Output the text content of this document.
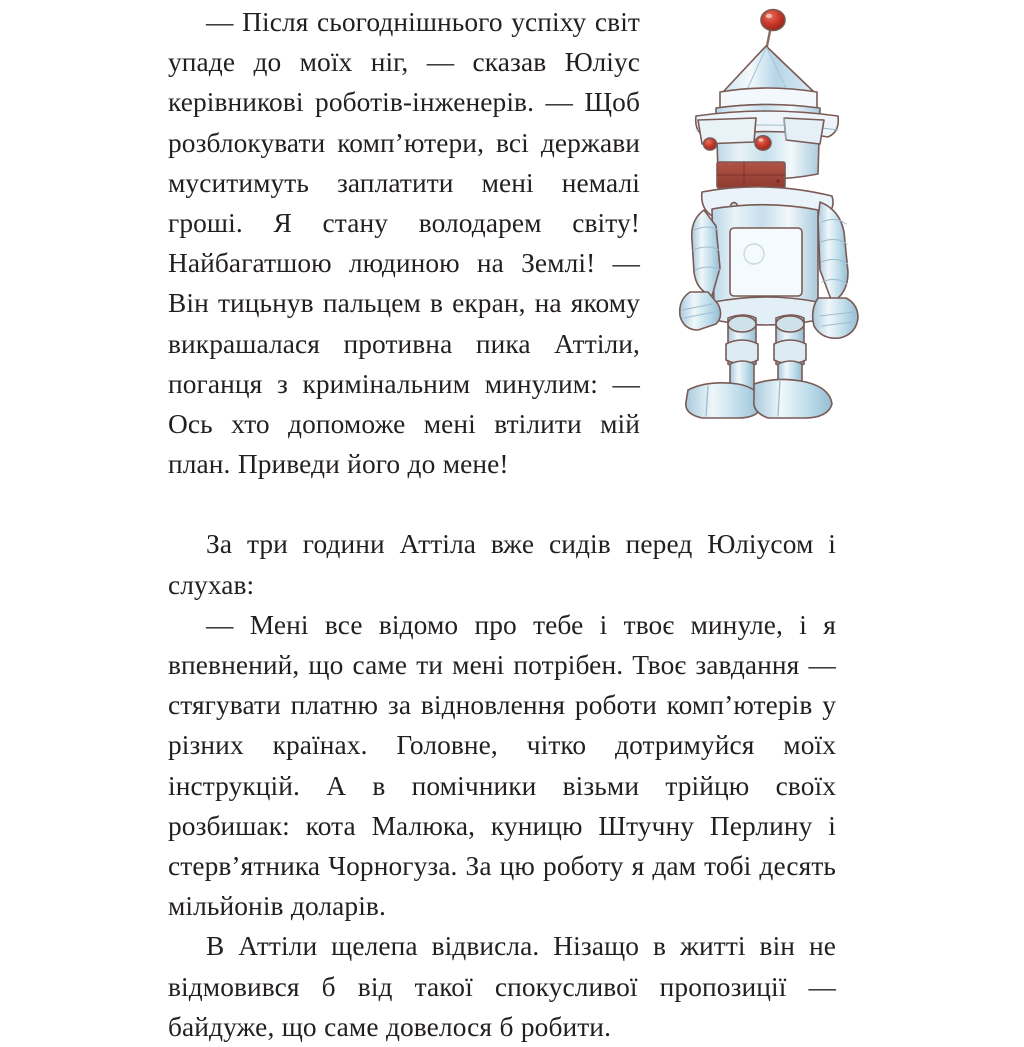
— Після сьогоднішнього успіху світ упаде до моїх ніг, — сказав Юліус керівникові роботів-інженерів. — Щоб розблокувати комп’ютери, всі держави муситимуть заплатити мені немалі гроші. Я стану володарем світу! Найбагатшою людиною на Землі! — Він тицьнув пальцем в екран, на якому викрашалася противна пика Аттіли, поганця з кримінальним минулим: — Ось хто допоможе мені втілити мій план. Приведи його до мене!

За три години Аттіла вже сидів перед Юліусом і слухав:

— Мені все відомо про тебе і твоє минуле, і я впевнений, що саме ти мені потрібен. Твоє завдання — стягувати платню за відновлення роботи комп’ютерів у різних країнах. Головне, чітко дотримуйся моїх інструкцій. А в помічники візьми трійцю своїх розбишак: кота Малюка, куницю Штучну Перлину і стерв’ятника Чорногуза. За цю роботу я дам тобі десять мільйонів доларів.

В Аттіли щелепа відвисла. Нізащо в житті він не відмовився б від такої спокусливої пропозиції — байдуже, що саме довелося б робити.
